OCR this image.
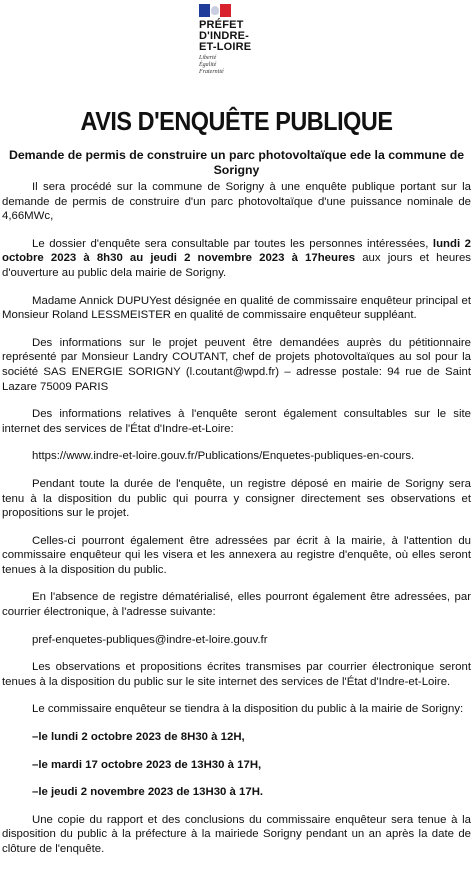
PRÉFET
D'INDRE-
ET-LOIRE
Liberté
Égalité
Fraternité
AVIS D'ENQUÊTE PUBLIQUE
Demande de permis de construire un parc photovoltaïque ede la commune de Sorigny

Il sera procédé sur la commune de Sorigny à une enquête publique portant sur la demande de permis de construire d'un parc photovoltaïque d'une puissance nominale de 4,66MWc,

Le dossier d'enquête sera consultable par toutes les personnes intéressées, lundi 2 octobre 2023 à 8h30 au jeudi 2 novembre 2023 à 17heures aux jours et heures d'ouverture au public dela mairie de Sorigny.

Madame Annick DUPUYest désignée en qualité de commissaire enquêteur principal et Monsieur Roland LESSMEISTER en qualité de commissaire enquêteur suppléant.

Des informations sur le projet peuvent être demandées auprès du pétitionnaire représenté par Monsieur Landry COUTANT, chef de projets photovoltaïques au sol pour la société SAS ENERGIE SORIGNY (l.coutant@wpd.fr) – adresse postale: 94 rue de Saint Lazare 75009 PARIS

Des informations relatives à l'enquête seront également consultables sur le site internet des services de l'État d'Indre-et-Loire:

https://www.indre-et-loire.gouv.fr/Publications/Enquetes-publiques-en-cours.

Pendant toute la durée de l'enquête, un registre déposé en mairie de Sorigny sera tenu à la disposition du public qui pourra y consigner directement ses observations et propositions sur le projet.

Celles-ci pourront également être adressées par écrit à la mairie, à l'attention du commissaire enquêteur qui les visera et les annexera au registre d'enquête, où elles seront tenues à la disposition du public.

En l'absence de registre dématérialisé, elles pourront également être adressées, par courrier électronique, à l'adresse suivante:

pref-enquetes-publiques@indre-et-loire.gouv.fr

Les observations et propositions écrites transmises par courrier électronique seront tenues à la disposition du public sur le site internet des services de l'État d'Indre-et-Loire.

Le commissaire enquêteur se tiendra à la disposition du public à la mairie de Sorigny:

–le lundi 2 octobre 2023 de 8H30 à 12H,

–le mardi 17 octobre 2023 de 13H30 à 17H,

–le jeudi 2 novembre 2023 de 13H30 à 17H.

Une copie du rapport et des conclusions du commissaire enquêteur sera tenue à la disposition du public à la préfecture à la mairiede Sorigny pendant un an après la date de clôture de l'enquête.
